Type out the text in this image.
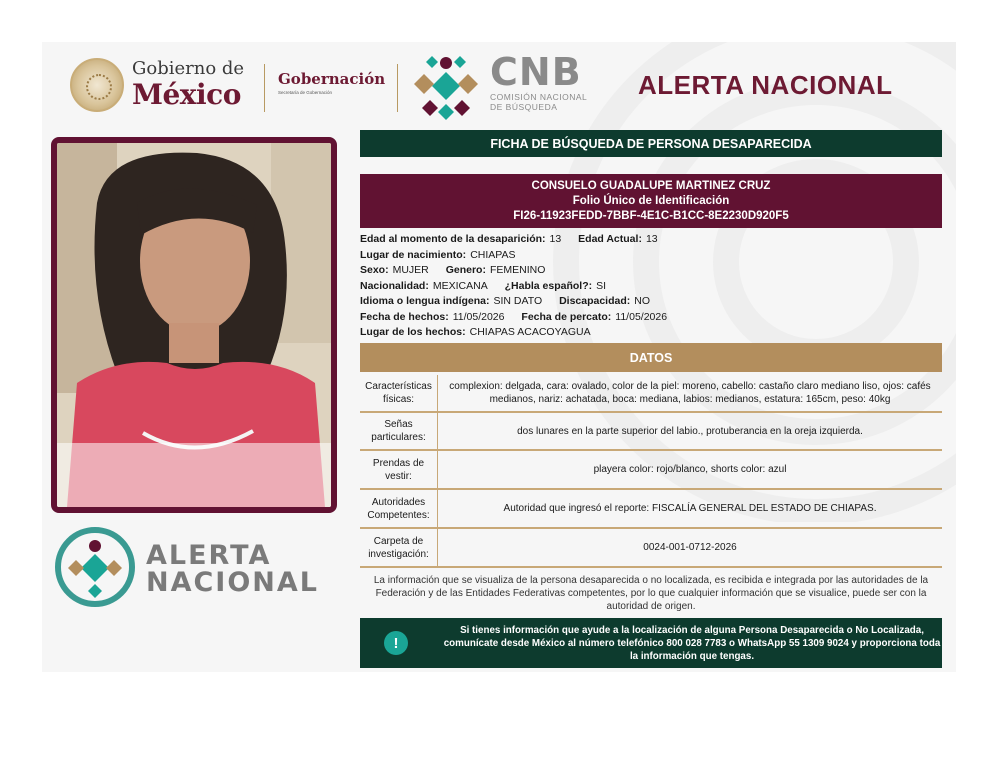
Gobierno de
México Gobernación
Secretaría de Gobernación	CNB
COMISIÓN NACIONAL
DE BÚSQUEDA
ALERTA NACIONAL
ALERTA
NACIONAL
FICHA DE BÚSQUEDA DE PERSONA DESAPARECIDA
CONSUELO GUADALUPE MARTINEZ CRUZ
Folio Único de Identificación
FI26-11923FEDD-7BBF-4E1C-B1CC-8E2230D920F5
Edad al momento de la desaparición: 13 Edad Actual: 13
Lugar de nacimiento: CHIAPAS
Sexo: MUJER Genero: FEMENINO
Nacionalidad: MEXICANA ¿Habla español?: SI
Idioma o lengua indígena: SIN DATO Discapacidad: NO
Fecha de hechos: 11/05/2026 Fecha de percato: 11/05/2026
Lugar de los hechos: CHIAPAS ACACOYAGUA
DATOS
Características físicas:
complexion: delgada, cara: ovalado, color de la piel: moreno, cabello: castaño claro mediano liso, ojos: cafés medianos, nariz: achatada, boca: mediana, labios: medianos, estatura: 165cm, peso: 40kg
Señas particulares:
dos lunares en la parte superior del labio., protuberancia en la oreja izquierda.
Prendas de vestir:
playera color: rojo/blanco, shorts color: azul
Autoridades Competentes:
Autoridad que ingresó el reporte: FISCALÍA GENERAL DEL ESTADO DE CHIAPAS.
Carpeta de investigación:
0024-001-0712-2026
La información que se visualiza de la persona desaparecida o no localizada, es recibida e integrada por las autoridades de la Federación y de las Entidades Federativas competentes, por lo que cualquier información que se visualice, puede ser con la autoridad de origen.
!
Si tienes información que ayude a la localización de alguna Persona Desaparecida o No Localizada, comunícate desde México al número telefónico 800 028 7783 o WhatsApp 55 1309 9024 y proporciona toda la información que tengas.
